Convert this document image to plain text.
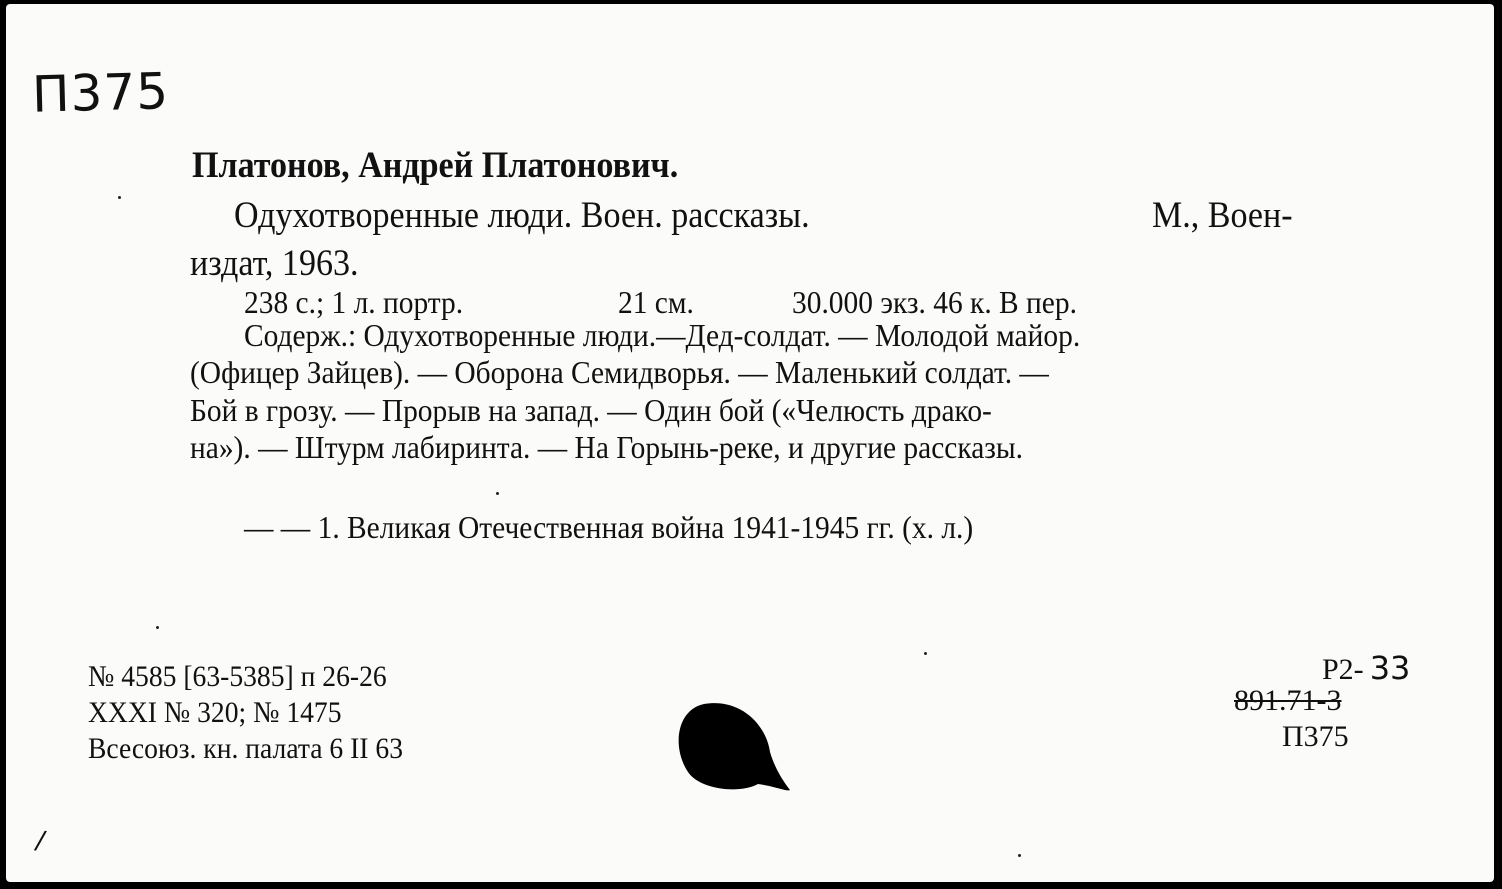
П375
Платонов, Андрей Платонович.
Одухотворенные люди. Воен. рассказы.	М., Воен-
издат, 1963.
238 с.; 1 л. портр.	21 см.	30.000 экз. 46 к. В пер.
Содерж.: Одухотворенные люди.—Дед-солдат. — Молодой майор.
(Офицер Зайцев). — Оборона Семидворья. — Маленький солдат. —
Бой в грозу. — Прорыв на запад. — Один бой («Челюсть драко-
на»). — Штурм лабиринта. — На Горынь-реке, и другие рассказы.
— — 1. Великая Отечественная война 1941-1945 гг. (х. л.)
№ 4585 [63-5385] п 26-26
XXXI № 320; № 1475
Всесоюз. кн. палата 6 II 63
Р2- 33
891.71-3
П375
/
